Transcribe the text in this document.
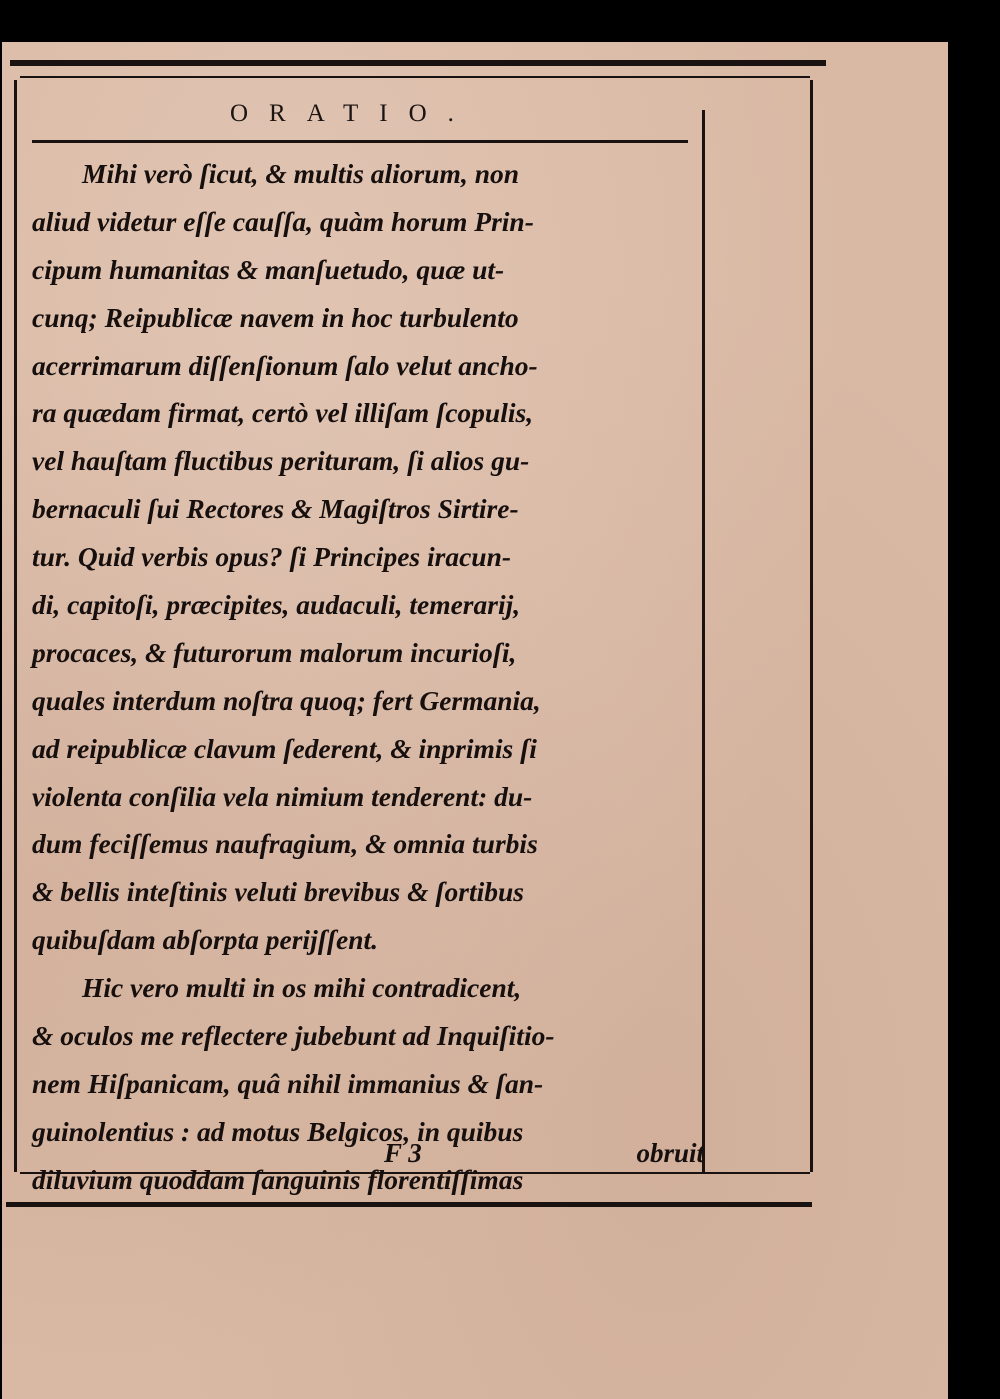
ORATIO.
Mihi verò ſicut, & multis aliorum, non
aliud videtur eſſe cauſſa, quàm horum Prin-
cipum humanitas & manſuetudo, quæ ut-
cunq; Reipublicæ navem in hoc turbulento
acerrimarum diſſenſionum ſalo velut ancho-
ra quædam firmat, certò vel illiſam ſcopulis,
vel hauſtam fluctibus perituram, ſi alios gu-
bernaculi ſui Rectores & Magiſtros Sirtire-
tur. Quid verbis opus? ſi Principes iracun-
di, capitoſi, præcipites, audaculi, temerarij,
procaces, & futurorum malorum incurioſi,
quales interdum noſtra quoq; fert Germania,
ad reipublicæ clavum ſederent, & inprimis ſi
violenta conſilia vela nimium tenderent: du-
dum feciſſemus naufragium, & omnia turbis
& bellis inteſtinis veluti brevibus & ſortibus
quibuſdam abſorpta perijſſent.
Hic vero multi in os mihi contradicent,
& oculos me reflectere jubebunt ad Inquiſitio-
nem Hiſpanicam, quâ nihil immanius & ſan-
guinolentius : ad motus Belgicos, in quibus
diluvium quoddam ſanguinis florentiſſimas
F 3	obruit
